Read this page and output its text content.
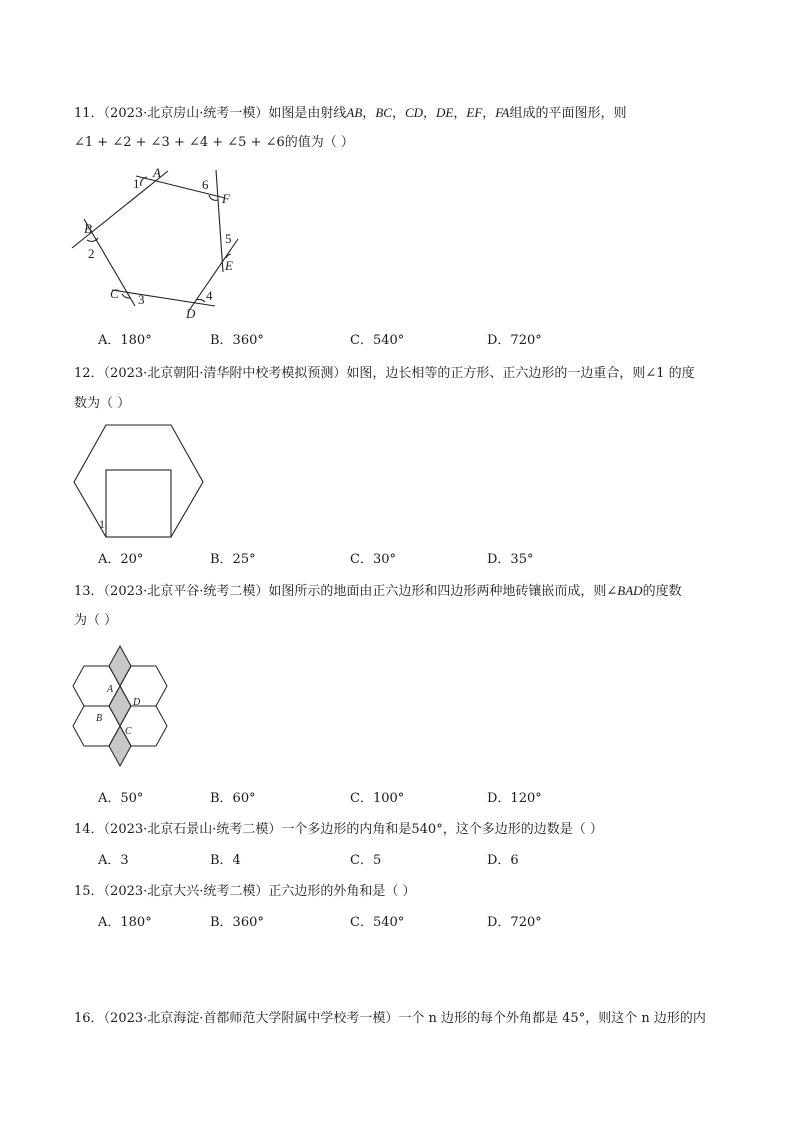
11．（2023·北京房山·统考一模）如图是由射线AB，BC，CD，DE，EF，FA组成的平面图形，则
∠1 + ∠2 + ∠3 + ∠4 + ∠5 + ∠6的值为（ ）
A
B
C
D
E
F
1
2
3	4
5
6
A．180°	B．360°	C．540°	D．720°
12．（2023·北京朝阳·清华附中校考模拟预测）如图，边长相等的正方形、正六边形的一边重合，则∠1 的度
数为（ ）
1
A．20°	B．25°	C．30°	D．35°
13．（2023·北京平谷·统考二模）如图所示的地面由正六边形和四边形两种地砖镶嵌而成，则∠BAD的度数
为（ ）
A
B
C
D
A．50°	B．60°	C．100°	D．120°
14．（2023·北京石景山·统考二模）一个多边形的内角和是540°，这个多边形的边数是（ ）
A．3	B．4	C．5	D．6
15．（2023·北京大兴·统考二模）正六边形的外角和是（ ）
A．180°	B．360°	C．540°	D．720°
16．（2023·北京海淀·首都师范大学附属中学校考一模）一个 n 边形的每个外角都是 45°，则这个 n 边形的内
